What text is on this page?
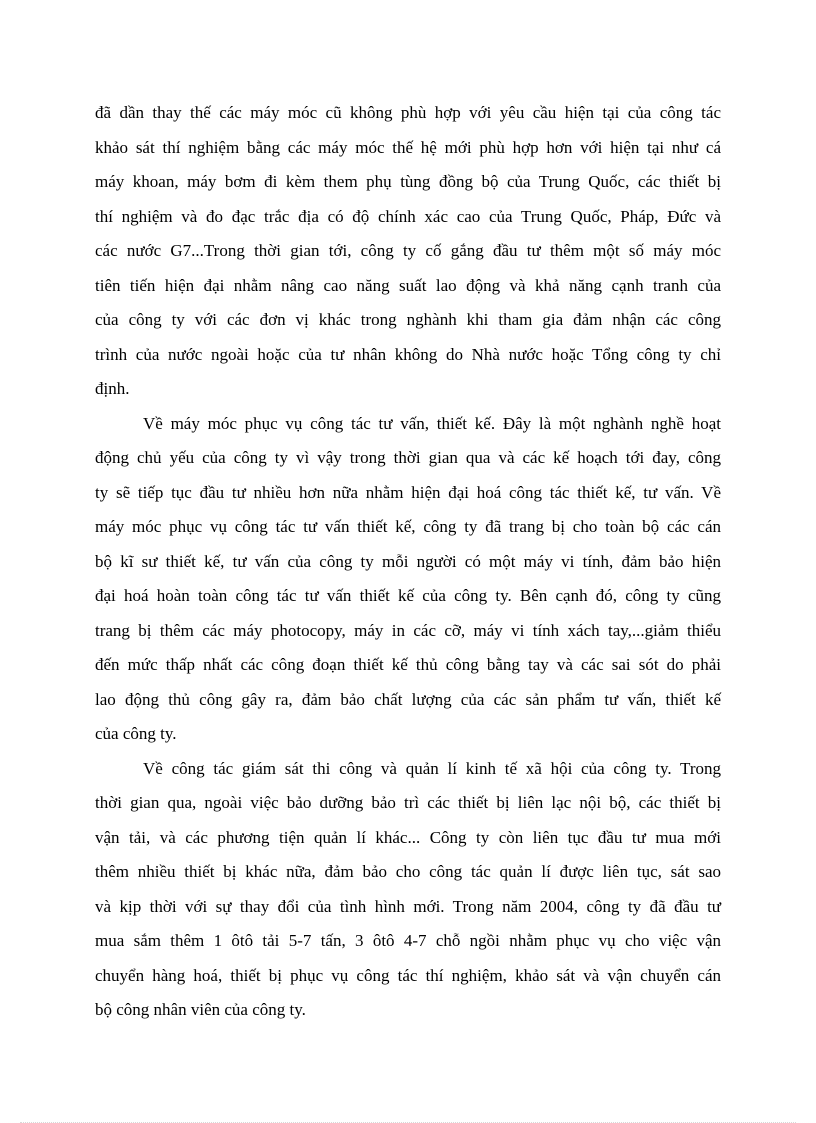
đã dần thay thế các máy móc cũ không phù hợp với yêu cầu hiện tại của công tác
khảo sát thí nghiệm bằng các máy móc thế hệ mới phù hợp hơn với hiện tại như cá
máy khoan, máy bơm đi kèm them phụ tùng đồng bộ của Trung Quốc, các thiết bị
thí nghiệm và đo đạc trắc địa có độ chính xác cao của Trung Quốc, Pháp, Đức và
các nước G7...Trong thời gian tới, công ty cố gắng đầu tư thêm một số máy móc
tiên tiến hiện đại nhằm nâng cao năng suất lao động và khả năng cạnh tranh của
của công ty với các đơn vị khác trong nghành khi tham gia đảm nhận các công
trình của nước ngoài hoặc của tư nhân không do Nhà nước hoặc Tổng công ty chỉ
định.
Về máy móc phục vụ công tác tư vấn, thiết kế. Đây là một nghành nghề hoạt
động chủ yếu của công ty vì vậy trong thời gian qua và các kế hoạch tới đay, công
ty sẽ tiếp tục đầu tư nhiều hơn nữa nhằm hiện đại hoá công tác thiết kế, tư vấn. Về
máy móc phục vụ công tác tư vấn thiết kế, công ty đã trang bị cho toàn bộ các cán
bộ kĩ sư thiết kế, tư vấn của công ty mỗi người có một máy vi tính, đảm bảo hiện
đại hoá hoàn toàn công tác tư vấn thiết kế của công ty. Bên cạnh đó, công ty cũng
trang bị thêm các máy photocopy, máy in các cỡ, máy vi tính xách tay,...giảm thiểu
đến mức thấp nhất các công đoạn thiết kế thủ công bằng tay và các sai sót do phải
lao động thủ công gây ra, đảm bảo chất lượng của các sản phẩm tư vấn, thiết kế
của công ty.
Về công tác giám sát thi công và quản lí kinh tế xã hội của công ty. Trong
thời gian qua, ngoài việc bảo dưỡng bảo trì các thiết bị liên lạc nội bộ, các thiết bị
vận tải, và các phương tiện quản lí khác... Công ty còn liên tục đầu tư mua mới
thêm nhiều thiết bị khác nữa, đảm bảo cho công tác quản lí được liên tục, sát sao
và kịp thời với sự thay đổi của tình hình mới. Trong năm 2004, công ty đã đầu tư
mua sắm thêm 1 ôtô tải 5-7 tấn, 3 ôtô 4-7 chỗ ngồi nhằm phục vụ cho việc vận
chuyển hàng hoá, thiết bị phục vụ công tác thí nghiệm, khảo sát và vận chuyển cán
bộ công nhân viên của công ty.
